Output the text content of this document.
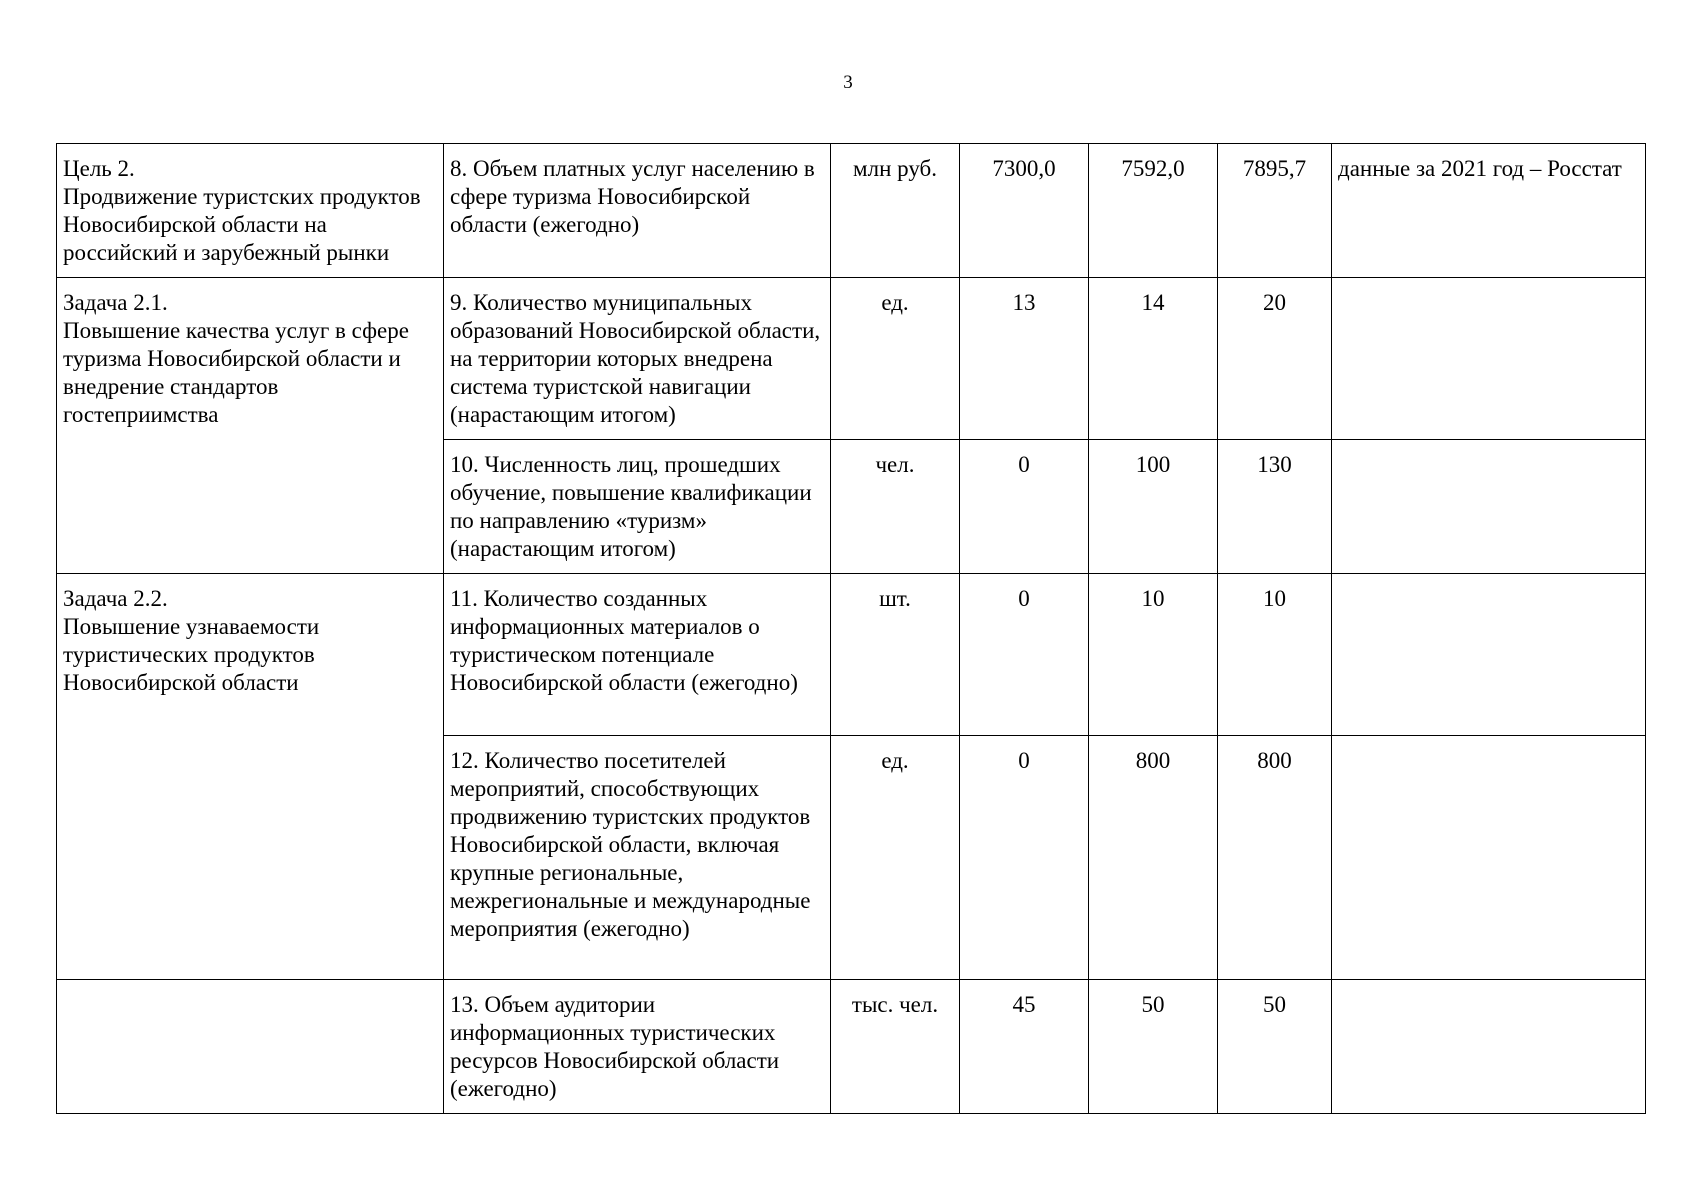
3
Цель 2.
Продвижение туристских продуктов Новосибирской области на российский и зарубежный рынки	8. Объем платных услуг населению в сфере туризма Новосибирской области (ежегодно)	млн руб.	7300,0	7592,0	7895,7	данные за 2021 год – Росстат
Задача 2.1.
Повышение качества услуг в сфере туризма Новосибирской области и внедрение стандартов гостеприимства	9. Количество муниципальных образований Новосибирской области, на территории которых внедрена система туристской навигации (нарастающим итогом)	ед.	13	14	20	
	10. Численность лиц, прошедших обучение, повышение квалификации по направлению «туризм» (нарастающим итогом)	чел.	0	100	130	
Задача 2.2.
Повышение узнаваемости туристических продуктов Новосибирской области	11. Количество созданных информационных материалов о туристическом потенциале Новосибирской области (ежегодно)	шт.	0	10	10	
	12. Количество посетителей мероприятий, способствующих продвижению туристских продуктов Новосибирской области, включая крупные региональные, межрегиональные и международные мероприятия (ежегодно)	ед.	0	800	800	
	13. Объем аудитории информационных туристических ресурсов Новосибирской области (ежегодно)	тыс. чел.	45	50	50	
